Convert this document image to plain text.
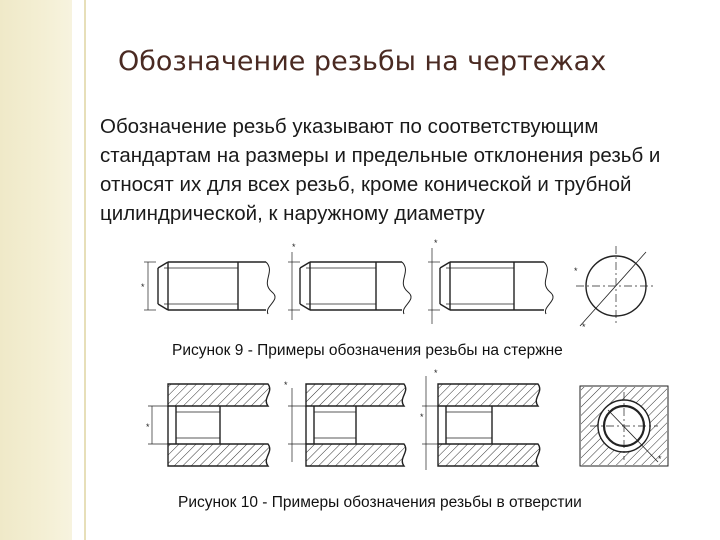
Обозначение резьбы на чертежах

Обозначение резьб указывают по соответствующим стандартам на размеры и предельные отклонения резьб и относят их для всех резьб, кроме конической и трубной цилиндрической, к наружному диаметру

*
*
*
*
*

Рисунок 9 - Примеры обозначения резьбы на стержне

*
*
*
*
*

Рисунок 10 - Примеры обозначения резьбы в отверстии
